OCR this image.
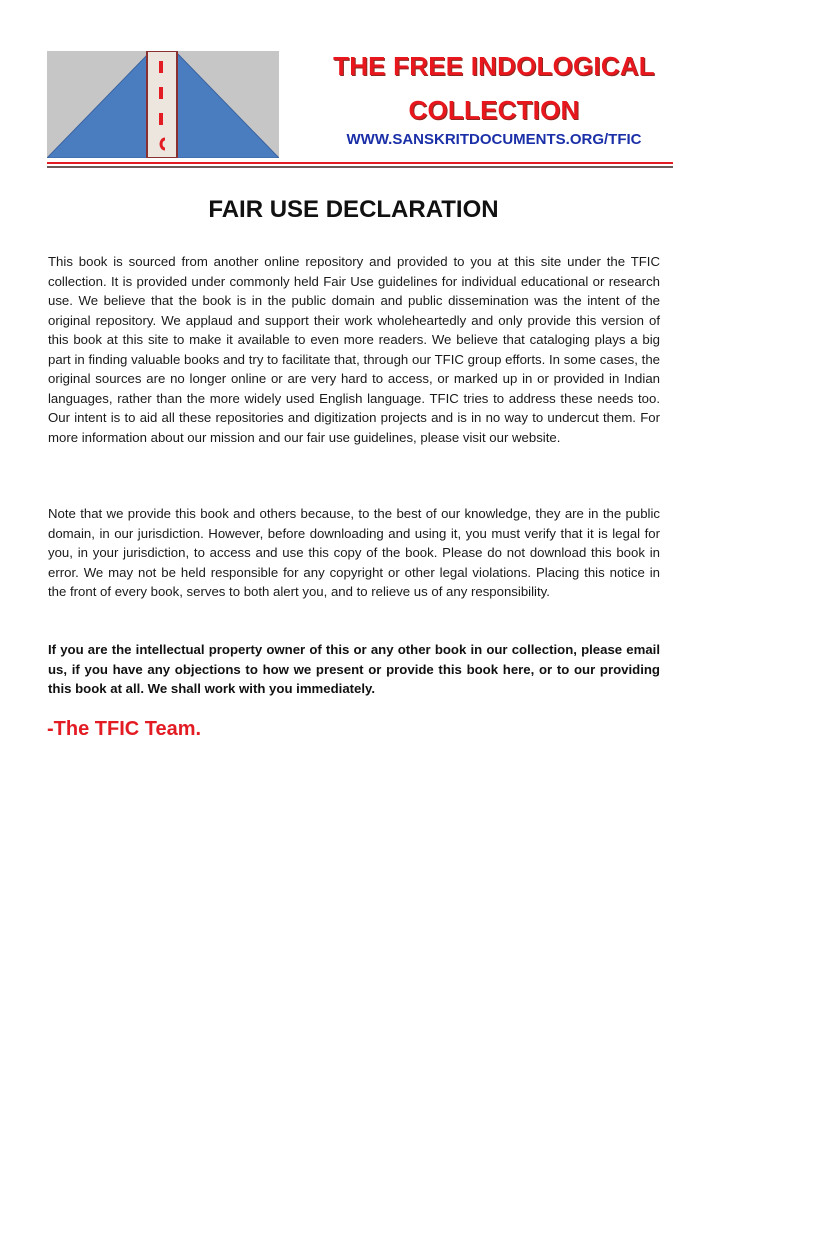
THE FREE INDOLOGICAL COLLECTION
WWW.SANSKRITDOCUMENTS.ORG/TFIC
FAIR USE DECLARATION

This book is sourced from another online repository and provided to you at this site under the TFIC collection. It is provided under commonly held Fair Use guidelines for individual educational or research use. We believe that the book is in the public domain and public dissemination was the intent of the original repository. We applaud and support their work wholeheartedly and only provide this version of this book at this site to make it available to even more readers. We believe that cataloging plays a big part in finding valuable books and try to facilitate that, through our TFIC group efforts. In some cases, the original sources are no longer online or are very hard to access, or marked up in or provided in Indian languages, rather than the more widely used English language. TFIC tries to address these needs too. Our intent is to aid all these repositories and digitization projects and is in no way to undercut them. For more information about our mission and our fair use guidelines, please visit our website.

Note that we provide this book and others because, to the best of our knowledge, they are in the public domain, in our jurisdiction. However, before downloading and using it, you must verify that it is legal for you, in your jurisdiction, to access and use this copy of the book. Please do not download this book in error. We may not be held responsible for any copyright or other legal violations. Placing this notice in the front of every book, serves to both alert you, and to relieve us of any responsibility.

If you are the intellectual property owner of this or any other book in our collection, please email us, if you have any objections to how we present or provide this book here, or to our providing this book at all. We shall work with you immediately.

-The TFIC Team.
